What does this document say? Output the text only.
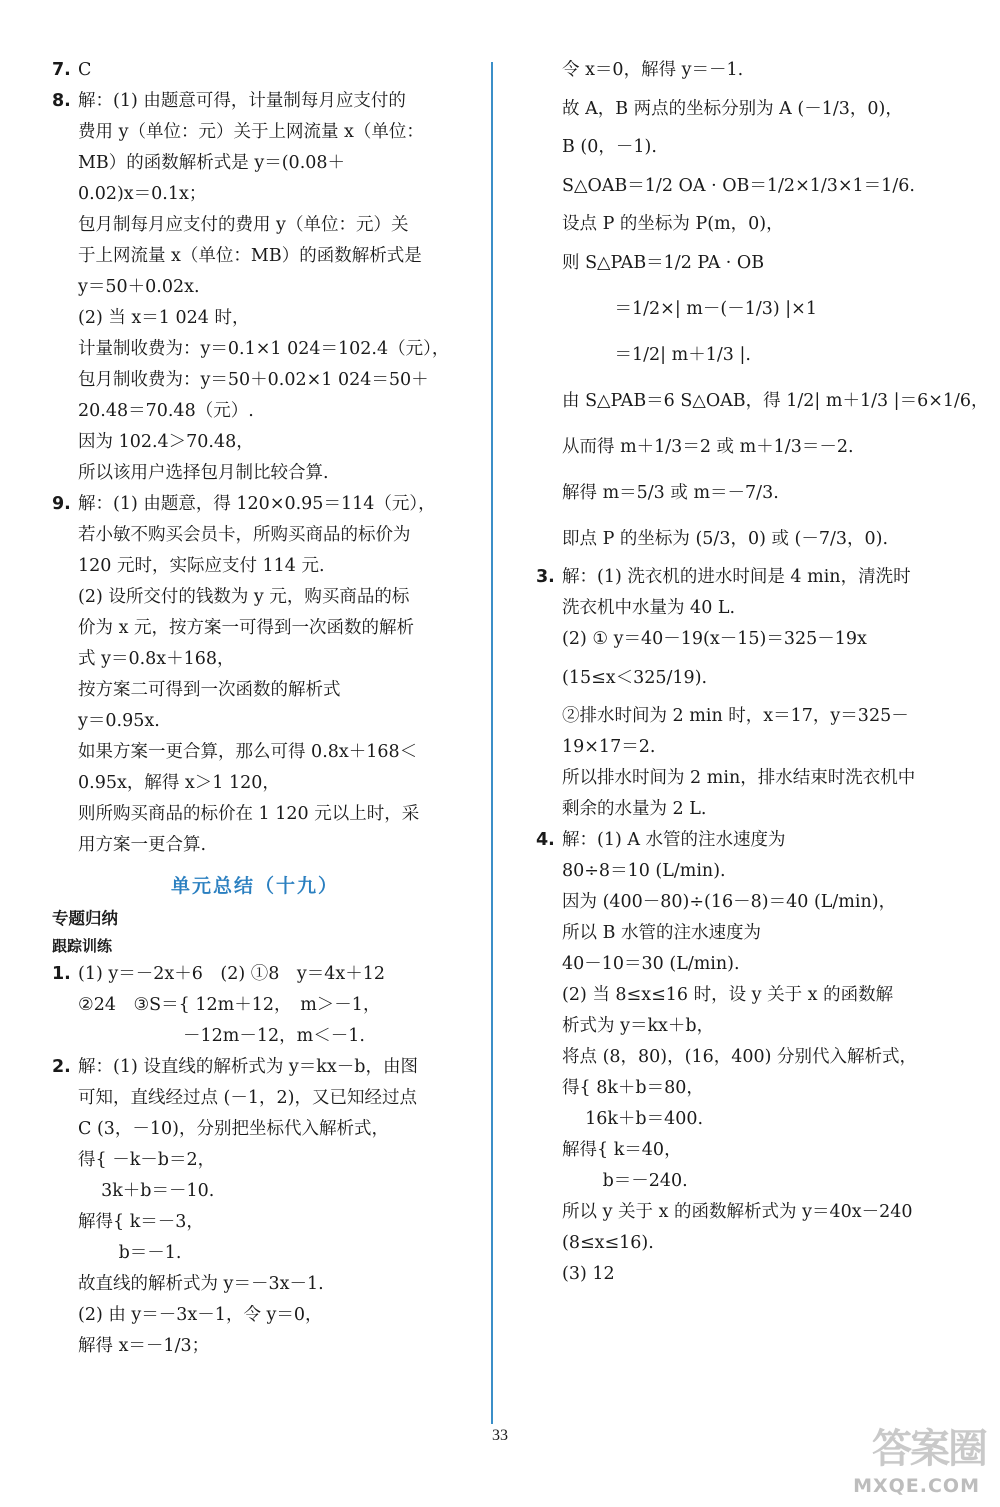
7. C

8. 解：(1) 由题意可得，计量制每月应支付的

费用 y（单位：元）关于上网流量 x（单位：

MB）的函数解析式是 y＝(0.08＋

0.02)x＝0.1x；

包月制每月应支付的费用 y（单位：元）关

于上网流量 x（单位：MB）的函数解析式是

y＝50＋0.02x.

(2) 当 x＝1 024 时，

计量制收费为：y＝0.1×1 024＝102.4（元），

包月制收费为：y＝50＋0.02×1 024＝50＋

20.48＝70.48（元）.

因为 102.4＞70.48，

所以该用户选择包月制比较合算.

9. 解：(1) 由题意，得 120×0.95＝114（元），

若小敏不购买会员卡，所购买商品的标价为

120 元时，实际应支付 114 元.

(2) 设所交付的钱数为 y 元，购买商品的标

价为 x 元，按方案一可得到一次函数的解析

式 y＝0.8x＋168，

按方案二可得到一次函数的解析式

y＝0.95x.

如果方案一更合算，那么可得 0.8x＋168＜

0.95x，解得 x＞1 120，

则所购买商品的标价在 1 120 元以上时，采

用方案一更合算.

单元总结（十九）
专题归纳
跟踪训练

1. (1) y＝－2x＋6　(2) ①8　y＝4x＋12

②24　③S＝{ 12m＋12，　m＞－1，

　　　　　　－12m－12，m＜－1.

2. 解：(1) 设直线的解析式为 y＝kx－b，由图

可知，直线经过点 (－1，2)，又已知经过点

C (3，－10)，分别把坐标代入解析式，

得{ －k－b＝2，

　 3k＋b＝－10.

解得{ k＝－3，

　　 b＝－1.

故直线的解析式为 y＝－3x－1.

(2) 由 y＝－3x－1，令 y＝0，

解得 x＝－1/3；

令 x＝0，解得 y＝－1.

故 A，B 两点的坐标分别为 A (－1/3，0)，

B (0，－1).

S△OAB＝1/2 OA · OB＝1/2×1/3×1＝1/6.

设点 P 的坐标为 P(m，0)，

则 S△PAB＝1/2 PA · OB

　　　＝1/2×| m－(－1/3) |×1

　　　＝1/2| m＋1/3 |.

由 S△PAB＝6 S△OAB，得 1/2| m＋1/3 |＝6×1/6，

从而得 m＋1/3＝2 或 m＋1/3＝－2.

解得 m＝5/3 或 m＝－7/3.

即点 P 的坐标为 (5/3，0) 或 (－7/3，0).

3. 解：(1) 洗衣机的进水时间是 4 min，清洗时

洗衣机中水量为 40 L.

(2) ① y＝40－19(x－15)＝325－19x

(15≤x＜325/19).

②排水时间为 2 min 时，x＝17，y＝325－

19×17＝2.

所以排水时间为 2 min，排水结束时洗衣机中

剩余的水量为 2 L.

4. 解：(1) A 水管的注水速度为

80÷8＝10 (L/min).

因为 (400－80)÷(16－8)＝40 (L/min)，

所以 B 水管的注水速度为

40－10＝30 (L/min).

(2) 当 8≤x≤16 时，设 y 关于 x 的函数解

析式为 y＝kx＋b，

将点 (8，80)，(16，400) 分别代入解析式，

得{ 8k＋b＝80，

　 16k＋b＝400.

解得{ k＝40，

　　 b＝－240.

所以 y 关于 x 的函数解析式为 y＝40x－240

(8≤x≤16).

(3) 12

33	答案圈
MXQE.COM
